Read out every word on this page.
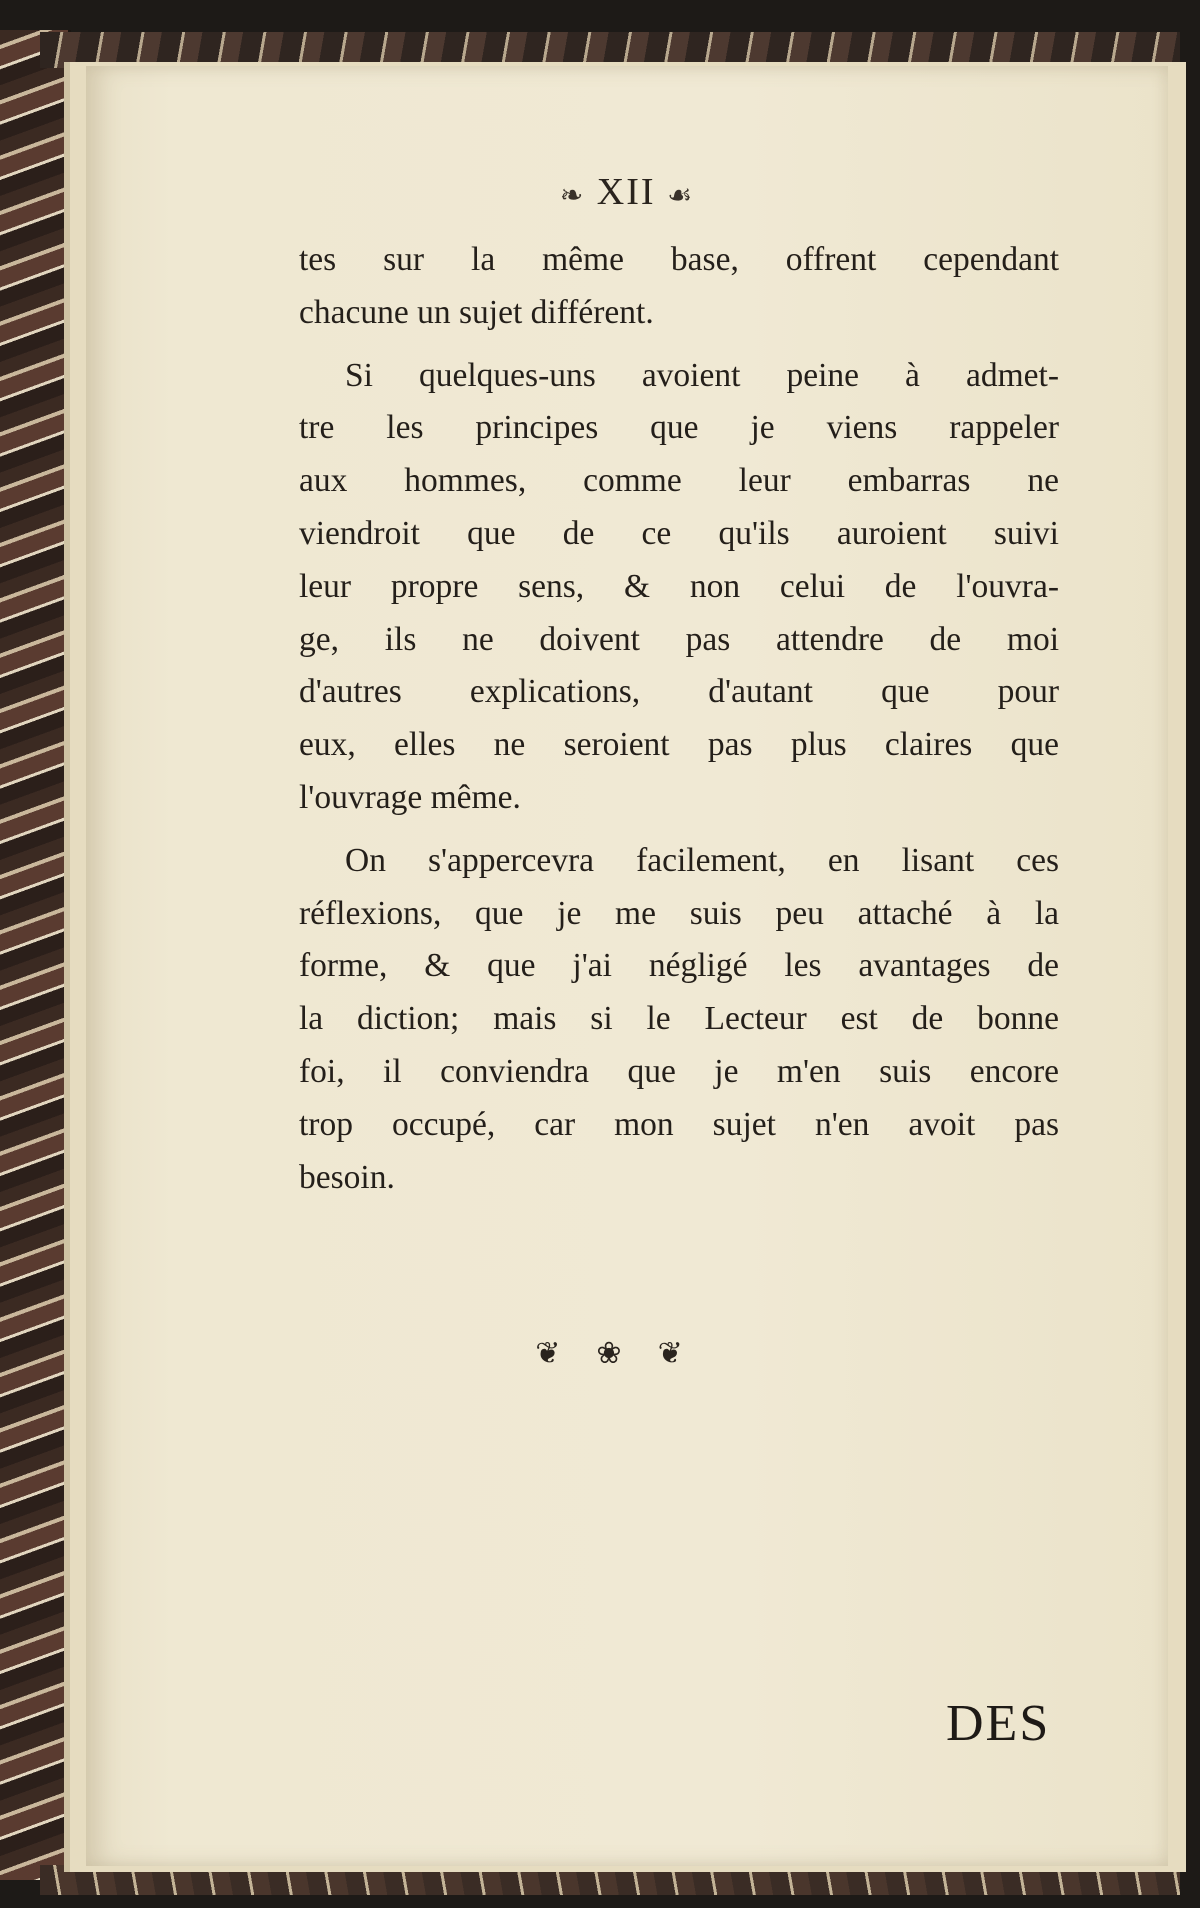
❧ XII ☙
tes sur la même base, offrent cependant
chacune un sujet différent.
Si quelques-uns avoient peine à admet-
tre les principes que je viens rappeler
aux hommes, comme leur embarras ne
viendroit que de ce qu'ils auroient suivi
leur propre sens, & non celui de l'ouvra-
ge, ils ne doivent pas attendre de moi
d'autres explications, d'autant que pour
eux, elles ne seroient pas plus claires que
l'ouvrage même.
On s'appercevra facilement, en lisant ces
réflexions, que je me suis peu attaché à la
forme, & que j'ai négligé les avantages de
la diction; mais si le Lecteur est de bonne
foi, il conviendra que je m'en suis encore
trop occupé, car mon sujet n'en avoit pas
besoin.
❦❀❦
DES
